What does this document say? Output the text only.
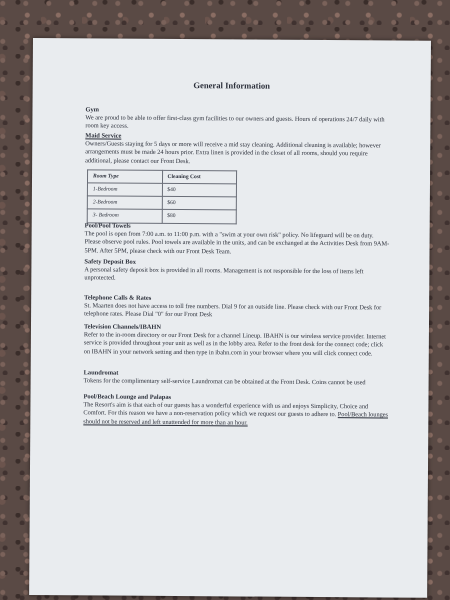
General Information

Gym

We are proud to be able to offer first-class gym facilities to our owners and guests. Hours of operations 24/7 daily with room key access.

Maid Service

Owners/Guests staying for 5 days or more will receive a mid stay cleaning. Additional cleaning is available; however arrangements must be made 24 hours prior. Extra linen is provided in the closet of all rooms, should you require additional, please contact our Front Desk.

Room Type	Cleaning Cost
1-Bedroom	$40
2-Bedroom	$60
3- Bedroom	$80

Pool/Pool Towels

The pool is open from 7:00 a.m. to 11:00 p.m. with a "swim at your own risk" policy. No lifeguard will be on duty. Please observe pool rules. Pool towels are available in the units, and can be exchanged at the Activities Desk from 9AM-5PM. After 5PM, please check with our Front Desk Team.

Safety Deposit Box

A personal safety deposit box is provided in all rooms. Management is not responsible for the loss of items left unprotected.

Telephone Calls & Rates

St. Maarten does not have access to toll free numbers. Dial 9 for an outside line. Please check with our Front Desk for telephone rates. Please Dial "0" for our Front Desk

Television Channels/IBAHN

Refer to the in-room directory or our Front Desk for a channel Lineup. IBAHN is our wireless service provider. Internet service is provided throughout your unit as well as in the lobby area. Refer to the front desk for the connect code; click on IBAHN in your network setting and then type in ibahn.com in your browser where you will click connect code.

Laundromat

Tokens for the complimentary self-service Laundromat can be obtained at the Front Desk. Coins cannot be used

Pool/Beach Lounge and Palapas

The Resort's aim is that each of our guests has a wonderful experience with us and enjoys Simplicity, Choice and Comfort. For this reason we have a non-reservation policy which we request our guests to adhere to. Pool/Beach lounges should not be reserved and left unattended for more than an hour.
